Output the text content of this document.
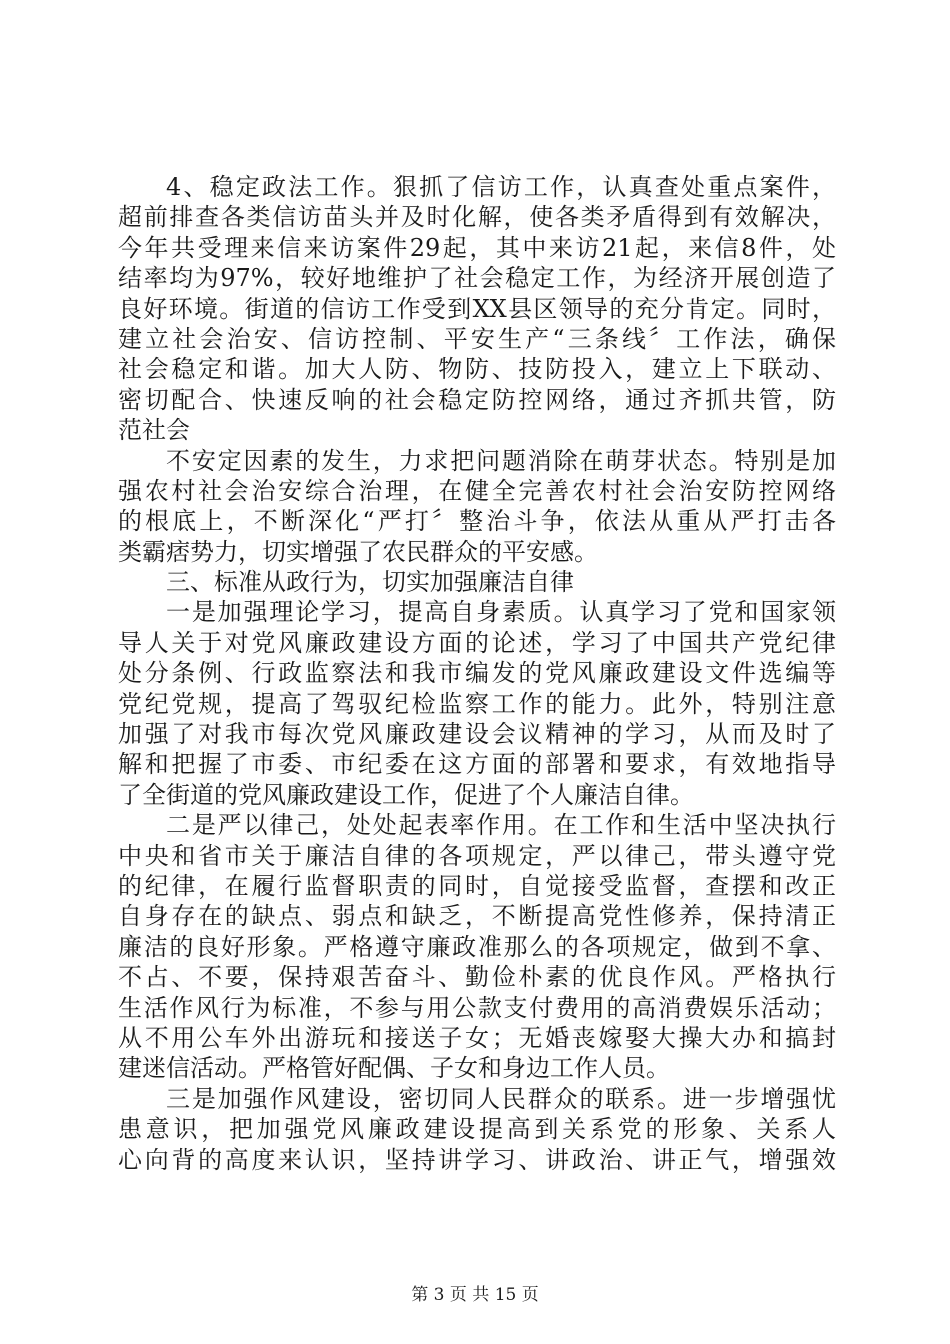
4、稳定政法工作。狠抓了信访工作，认真查处重点案件，
超前排查各类信访苗头并及时化解，使各类矛盾得到有效解决，
今年共受理来信来访案件29起，其中来访21起，来信8件，处
结率均为97%，较好地维护了社会稳定工作，为经济开展创造了
良好环境。街道的信访工作受到XX县区领导的充分肯定。同时，
建立社会治安、信访控制、平安生产“三条线〞工作法，确保
社会稳定和谐。加大人防、物防、技防投入，建立上下联动、
密切配合、快速反响的社会稳定防控网络，通过齐抓共管，防
范社会
不安定因素的发生，力求把问题消除在萌芽状态。特别是加
强农村社会治安综合治理，在健全完善农村社会治安防控网络
的根底上，不断深化“严打〞整治斗争，依法从重从严打击各
类霸痞势力，切实增强了农民群众的平安感。
三、标准从政行为，切实加强廉洁自律
一是加强理论学习，提高自身素质。认真学习了党和国家领
导人关于对党风廉政建设方面的论述，学习了中国共产党纪律
处分条例、行政监察法和我市编发的党风廉政建设文件选编等
党纪党规，提高了驾驭纪检监察工作的能力。此外，特别注意
加强了对我市每次党风廉政建设会议精神的学习，从而及时了
解和把握了市委、市纪委在这方面的部署和要求，有效地指导
了全街道的党风廉政建设工作，促进了个人廉洁自律。
二是严以律己，处处起表率作用。在工作和生活中坚决执行
中央和省市关于廉洁自律的各项规定，严以律己，带头遵守党
的纪律，在履行监督职责的同时，自觉接受监督，查摆和改正
自身存在的缺点、弱点和缺乏，不断提高党性修养，保持清正
廉洁的良好形象。严格遵守廉政准那么的各项规定，做到不拿、
不占、不要，保持艰苦奋斗、勤俭朴素的优良作风。严格执行
生活作风行为标准，不参与用公款支付费用的高消费娱乐活动；
从不用公车外出游玩和接送子女；无婚丧嫁娶大操大办和搞封
建迷信活动。严格管好配偶、子女和身边工作人员。
三是加强作风建设，密切同人民群众的联系。进一步增强忧
患意识，把加强党风廉政建设提高到关系党的形象、关系人
心向背的高度来认识，坚持讲学习、讲政治、讲正气，增强效
第 3 页 共 15 页
